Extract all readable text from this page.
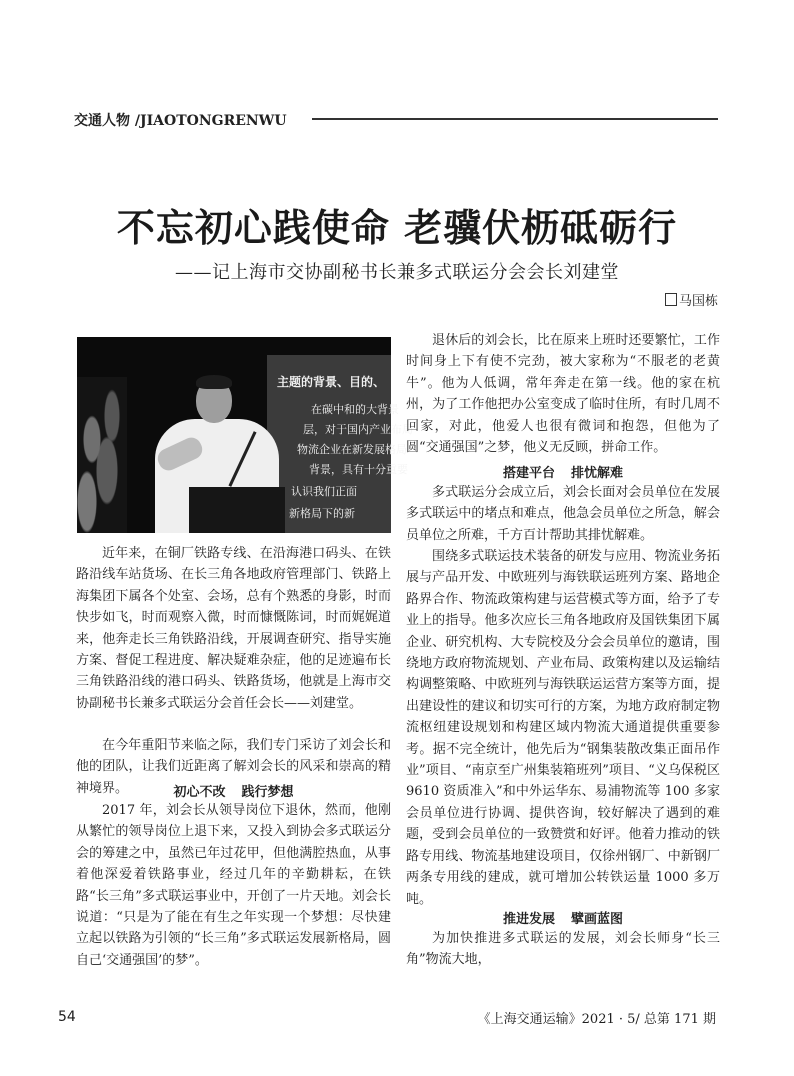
交通人物 /JIAOTONGRENWU
不忘初心践使命 老骥伏枥砥砺行
——记上海市交协副秘书长兼多式联运分会会长刘建堂
马国栋
主题的背景、目的、
在碳中和的大背景
层，对于国内产业布局
物流企业在新发展格局
背景，具有十分重要
认识我们正面
新格局下的新
近年来，在铜厂铁路专线、在沿海港口码头、在铁路沿线车站货场、在长三角各地政府管理部门、铁路上海集团下属各个处室、会场，总有个熟悉的身影，时而快步如飞，时而观察入微，时而慷慨陈词，时而娓娓道来，他奔走长三角铁路沿线，开展调查研究、指导实施方案、督促工程进度、解决疑难杂症，他的足迹遍布长三角铁路沿线的港口码头、铁路货场，他就是上海市交协副秘书长兼多式联运分会首任会长——刘建堂。
在今年重阳节来临之际，我们专门采访了刘会长和他的团队，让我们近距离了解刘会长的风采和崇高的精神境界。	初心不改 践行梦想
2017 年，刘会长从领导岗位下退休，然而，他刚从繁忙的领导岗位上退下来，又投入到协会多式联运分会的筹建之中，虽然已年过花甲，但他满腔热血，从事着他深爱着铁路事业，经过几年的辛勤耕耘，在铁路“长三角”多式联运事业中，开创了一片天地。刘会长说道：“只是为了能在有生之年实现一个梦想：尽快建立起以铁路为引领的“长三角”多式联运发展新格局，圆自己‘交通强国’的梦”。
退休后的刘会长，比在原来上班时还要繁忙，工作时间身上下有使不完劲，被大家称为“不服老的老黄牛”。他为人低调，常年奔走在第一线。他的家在杭州，为了工作他把办公室变成了临时住所，有时几周不回家，对此，他爱人也很有微词和抱怨，但他为了圆“交通强国”之梦，他义无反顾，拼命工作。
搭建平台 排忧解难
多式联运分会成立后，刘会长面对会员单位在发展多式联运中的堵点和难点，他急会员单位之所急，解会员单位之所难，千方百计帮助其排忧解难。
围绕多式联运技术装备的研发与应用、物流业务拓展与产品开发、中欧班列与海铁联运班列方案、路地企路界合作、物流政策构建与运营模式等方面，给予了专业上的指导。他多次应长三角各地政府及国铁集团下属企业、研究机构、大专院校及分会会员单位的邀请，围绕地方政府物流规划、产业布局、政策构建以及运输结构调整策略、中欧班列与海铁联运运营方案等方面，提出建设性的建议和切实可行的方案，为地方政府制定物流枢纽建设规划和构建区域内物流大通道提供重要参考。据不完全统计，他先后为“钢集装散改集正面吊作业”项目、“南京至广州集装箱班列”项目、“义乌保税区 9610 资质准入”和中外运华东、易浦物流等 100 多家会员单位进行协调、提供咨询，较好解决了遇到的难题，受到会员单位的一致赞赏和好评。他着力推动的铁路专用线、物流基地建设项目，仅徐州钢厂、中新钢厂两条专用线的建成，就可增加公转铁运量 1000 多万吨。
推进发展 擘画蓝图
为加快推进多式联运的发展，刘会长师身“长三角”物流大地，
54	《上海交通运输》2021 · 5/ 总第 171 期
